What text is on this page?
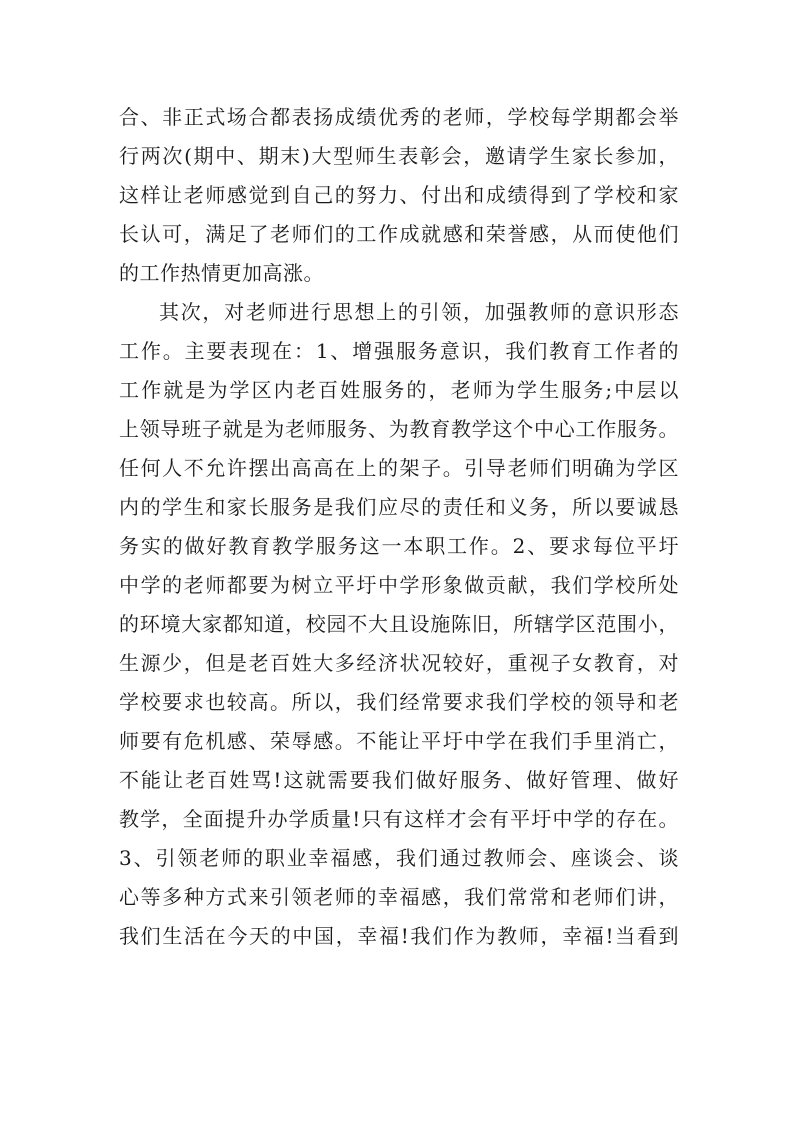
合、非正式场合都表扬成绩优秀的老师，学校每学期都会举
行两次(期中、期末)大型师生表彰会，邀请学生家长参加，
这样让老师感觉到自己的努力、付出和成绩得到了学校和家
长认可，满足了老师们的工作成就感和荣誉感，从而使他们
的工作热情更加高涨。
其次，对老师进行思想上的引领，加强教师的意识形态
工作。主要表现在：1、增强服务意识，我们教育工作者的
工作就是为学区内老百姓服务的，老师为学生服务;中层以
上领导班子就是为老师服务、为教育教学这个中心工作服务。
任何人不允许摆出高高在上的架子。引导老师们明确为学区
内的学生和家长服务是我们应尽的责任和义务，所以要诚恳
务实的做好教育教学服务这一本职工作。2、要求每位平圩
中学的老师都要为树立平圩中学形象做贡献，我们学校所处
的环境大家都知道，校园不大且设施陈旧，所辖学区范围小，
生源少，但是老百姓大多经济状况较好，重视子女教育，对
学校要求也较高。所以，我们经常要求我们学校的领导和老
师要有危机感、荣辱感。不能让平圩中学在我们手里消亡，
不能让老百姓骂!这就需要我们做好服务、做好管理、做好
教学，全面提升办学质量!只有这样才会有平圩中学的存在。
3、引领老师的职业幸福感，我们通过教师会、座谈会、谈
心等多种方式来引领老师的幸福感，我们常常和老师们讲，
我们生活在今天的中国，幸福!我们作为教师，幸福!当看到
